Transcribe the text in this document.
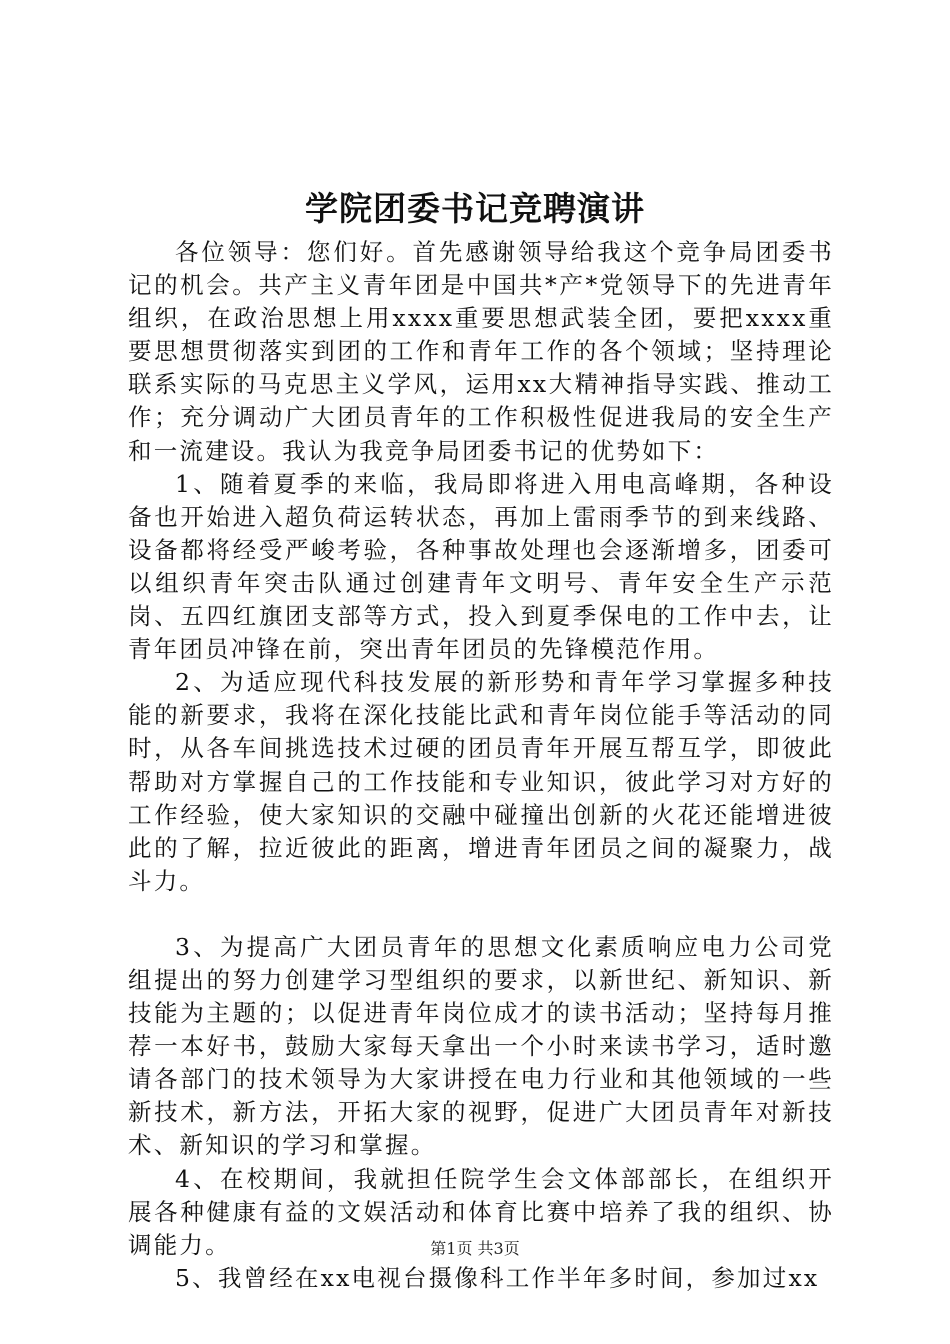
学院团委书记竞聘演讲

各位领导：您们好。首先感谢领导给我这个竞争局团委书记的机会。共产主义青年团是中国共*产*党领导下的先进青年组织，在政治思想上用xxxx重要思想武装全团，要把xxxx重要思想贯彻落实到团的工作和青年工作的各个领域；坚持理论联系实际的马克思主义学风，运用xx大精神指导实践、推动工作；充分调动广大团员青年的工作积极性促进我局的安全生产和一流建设。我认为我竞争局团委书记的优势如下：

1、随着夏季的来临，我局即将进入用电高峰期，各种设备也开始进入超负荷运转状态，再加上雷雨季节的到来线路、设备都将经受严峻考验，各种事故处理也会逐渐增多，团委可以组织青年突击队通过创建青年文明号、青年安全生产示范岗、五四红旗团支部等方式，投入到夏季保电的工作中去，让青年团员冲锋在前，突出青年团员的先锋模范作用。

2、为适应现代科技发展的新形势和青年学习掌握多种技能的新要求，我将在深化技能比武和青年岗位能手等活动的同时，从各车间挑选技术过硬的团员青年开展互帮互学，即彼此帮助对方掌握自己的工作技能和专业知识，彼此学习对方好的工作经验，使大家知识的交融中碰撞出创新的火花还能增进彼此的了解，拉近彼此的距离，增进青年团员之间的凝聚力，战斗力。

3、为提高广大团员青年的思想文化素质响应电力公司党组提出的努力创建学习型组织的要求，以新世纪、新知识、新技能为主题的；以促进青年岗位成才的读书活动；坚持每月推荐一本好书，鼓励大家每天拿出一个小时来读书学习，适时邀请各部门的技术领导为大家讲授在电力行业和其他领域的一些新技术，新方法，开拓大家的视野，促进广大团员青年对新技术、新知识的学习和掌握。

4、在校期间，我就担任院学生会文体部部长，在组织开展各种健康有益的文娱活动和体育比赛中培养了我的组织、协调能力。

5、我曾经在xx电视台摄像科工作半年多时间，参加过xx

第1页 共3页
